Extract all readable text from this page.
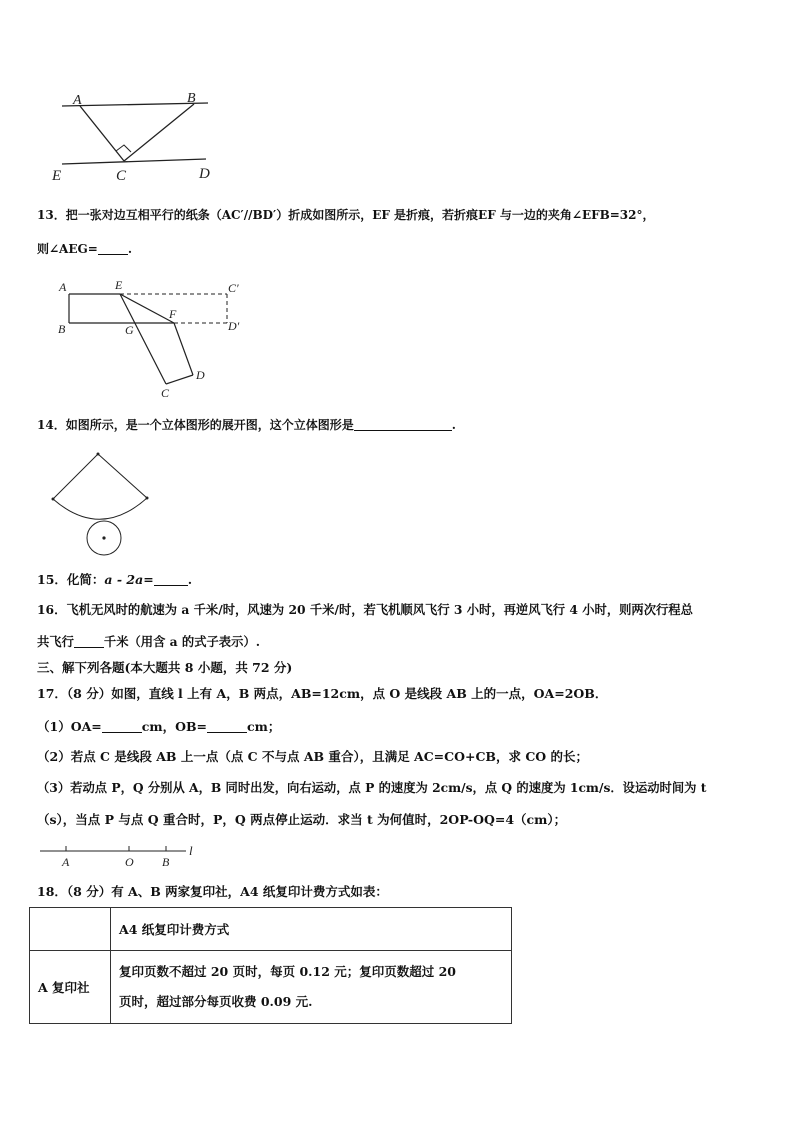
A	B
E	C	D
13．把一张对边互相平行的纸条（AC′//BD′）折成如图所示，EF 是折痕，若折痕EF 与一边的夹角∠EFB=32°，
则∠AEG=	.
A	E	C′
B	G
F
D′
C
D
14．如图所示，是一个立体图形的展开图，这个立体图形是	.
15．化简：a - 2a=	.
16．飞机无风时的航速为 a 千米/时，风速为 20 千米/时，若飞机顺风飞行 3 小时，再逆风飞行 4 小时，则两次行程总
共飞行 千米（用含 a 的式子表示）.
三、解下列各题(本大题共 8 小题，共 72 分)
17．（8 分）如图，直线 l 上有 A，B 两点，AB=12cm，点 O 是线段 AB 上的一点，OA=2OB．
（1）OA=	cm，OB=	cm；
（2）若点 C 是线段 AB 上一点（点 C 不与点 AB 重合），且满足 AC=CO+CB，求 CO 的长；
（3）若动点 P，Q 分别从 A，B 同时出发，向右运动，点 P 的速度为 2cm/s，点 Q 的速度为 1cm/s．设运动时间为 t
（s），当点 P 与点 Q 重合时，P，Q 两点停止运动．求当 t 为何值时，2OP-OQ=4（cm）；
A	O B
l
18．（8 分）有 A、B 两家复印社，A4 纸复印计费方式如表：
	A4 纸复印计费方式
A 复印社	复印页数不超过 20 页时，每页 0.12 元；复印页数超过 20
页时，超过部分每页收费 0.09 元.
